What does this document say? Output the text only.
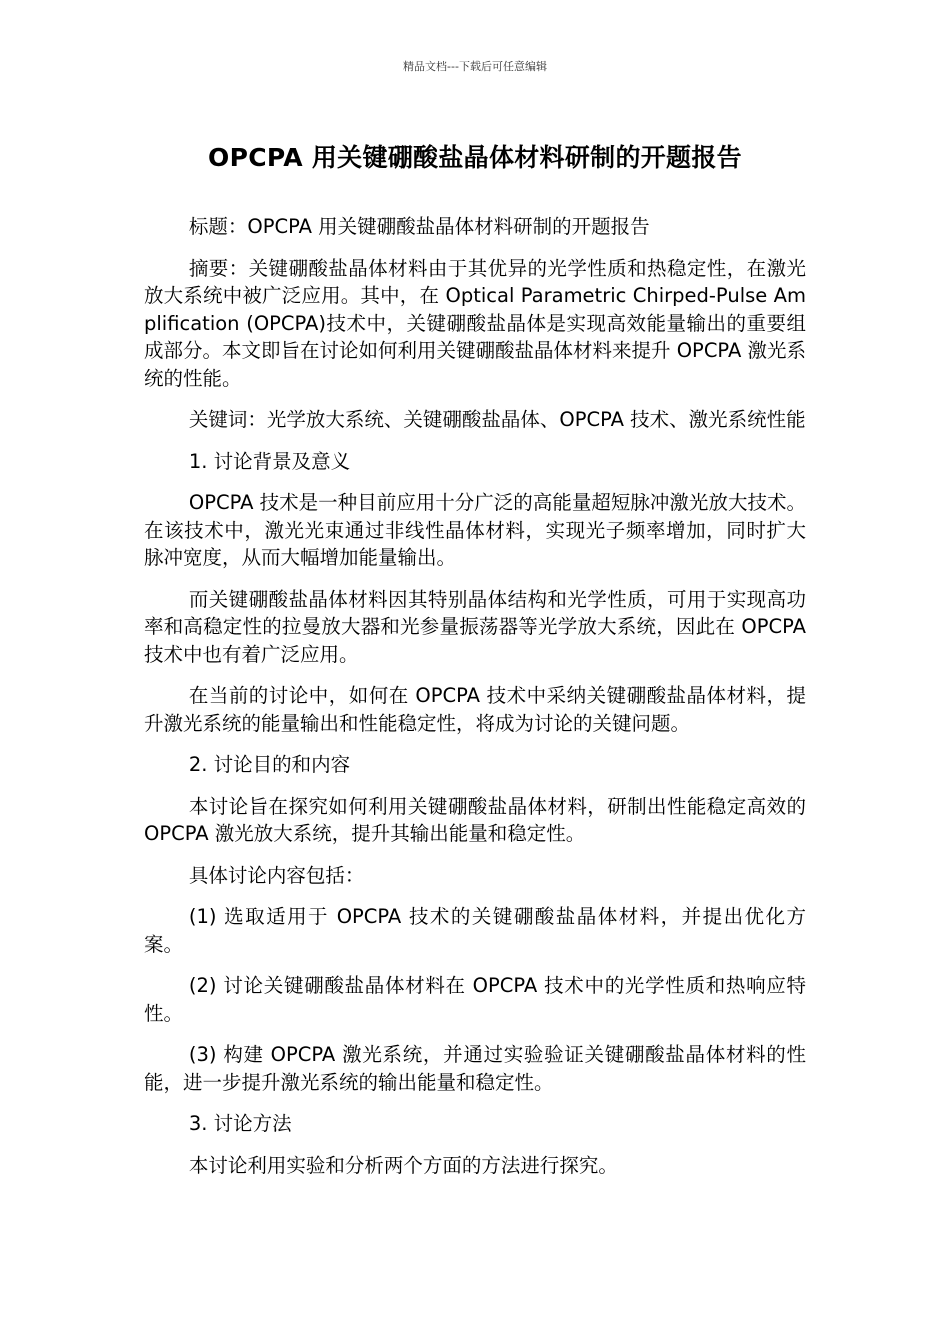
精品文档---下载后可任意编辑
OPCPA 用关键硼酸盐晶体材料研制的开题报告

标题：OPCPA 用关键硼酸盐晶体材料研制的开题报告

摘要：关键硼酸盐晶体材料由于其优异的光学性质和热稳定性，在激光放大系统中被广泛应用。其中，在 Optical Parametric Chirped-Pulse Amplification (OPCPA)技术中，关键硼酸盐晶体是实现高效能量输出的重要组成部分。本文即旨在讨论如何利用关键硼酸盐晶体材料来提升 OPCPA 激光系统的性能。

关键词：光学放大系统、关键硼酸盐晶体、OPCPA 技术、激光系统性能

1. 讨论背景及意义

OPCPA 技术是一种目前应用十分广泛的高能量超短脉冲激光放大技术。在该技术中，激光光束通过非线性晶体材料，实现光子频率增加，同时扩大脉冲宽度，从而大幅增加能量输出。

而关键硼酸盐晶体材料因其特别晶体结构和光学性质，可用于实现高功率和高稳定性的拉曼放大器和光参量振荡器等光学放大系统，因此在 OPCPA 技术中也有着广泛应用。

在当前的讨论中，如何在 OPCPA 技术中采纳关键硼酸盐晶体材料，提升激光系统的能量输出和性能稳定性，将成为讨论的关键问题。

2. 讨论目的和内容

本讨论旨在探究如何利用关键硼酸盐晶体材料，研制出性能稳定高效的 OPCPA 激光放大系统，提升其输出能量和稳定性。

具体讨论内容包括：

(1) 选取适用于 OPCPA 技术的关键硼酸盐晶体材料，并提出优化方案。

(2) 讨论关键硼酸盐晶体材料在 OPCPA 技术中的光学性质和热响应特性。

(3) 构建 OPCPA 激光系统，并通过实验验证关键硼酸盐晶体材料的性能，进一步提升激光系统的输出能量和稳定性。

3. 讨论方法

本讨论利用实验和分析两个方面的方法进行探究。
